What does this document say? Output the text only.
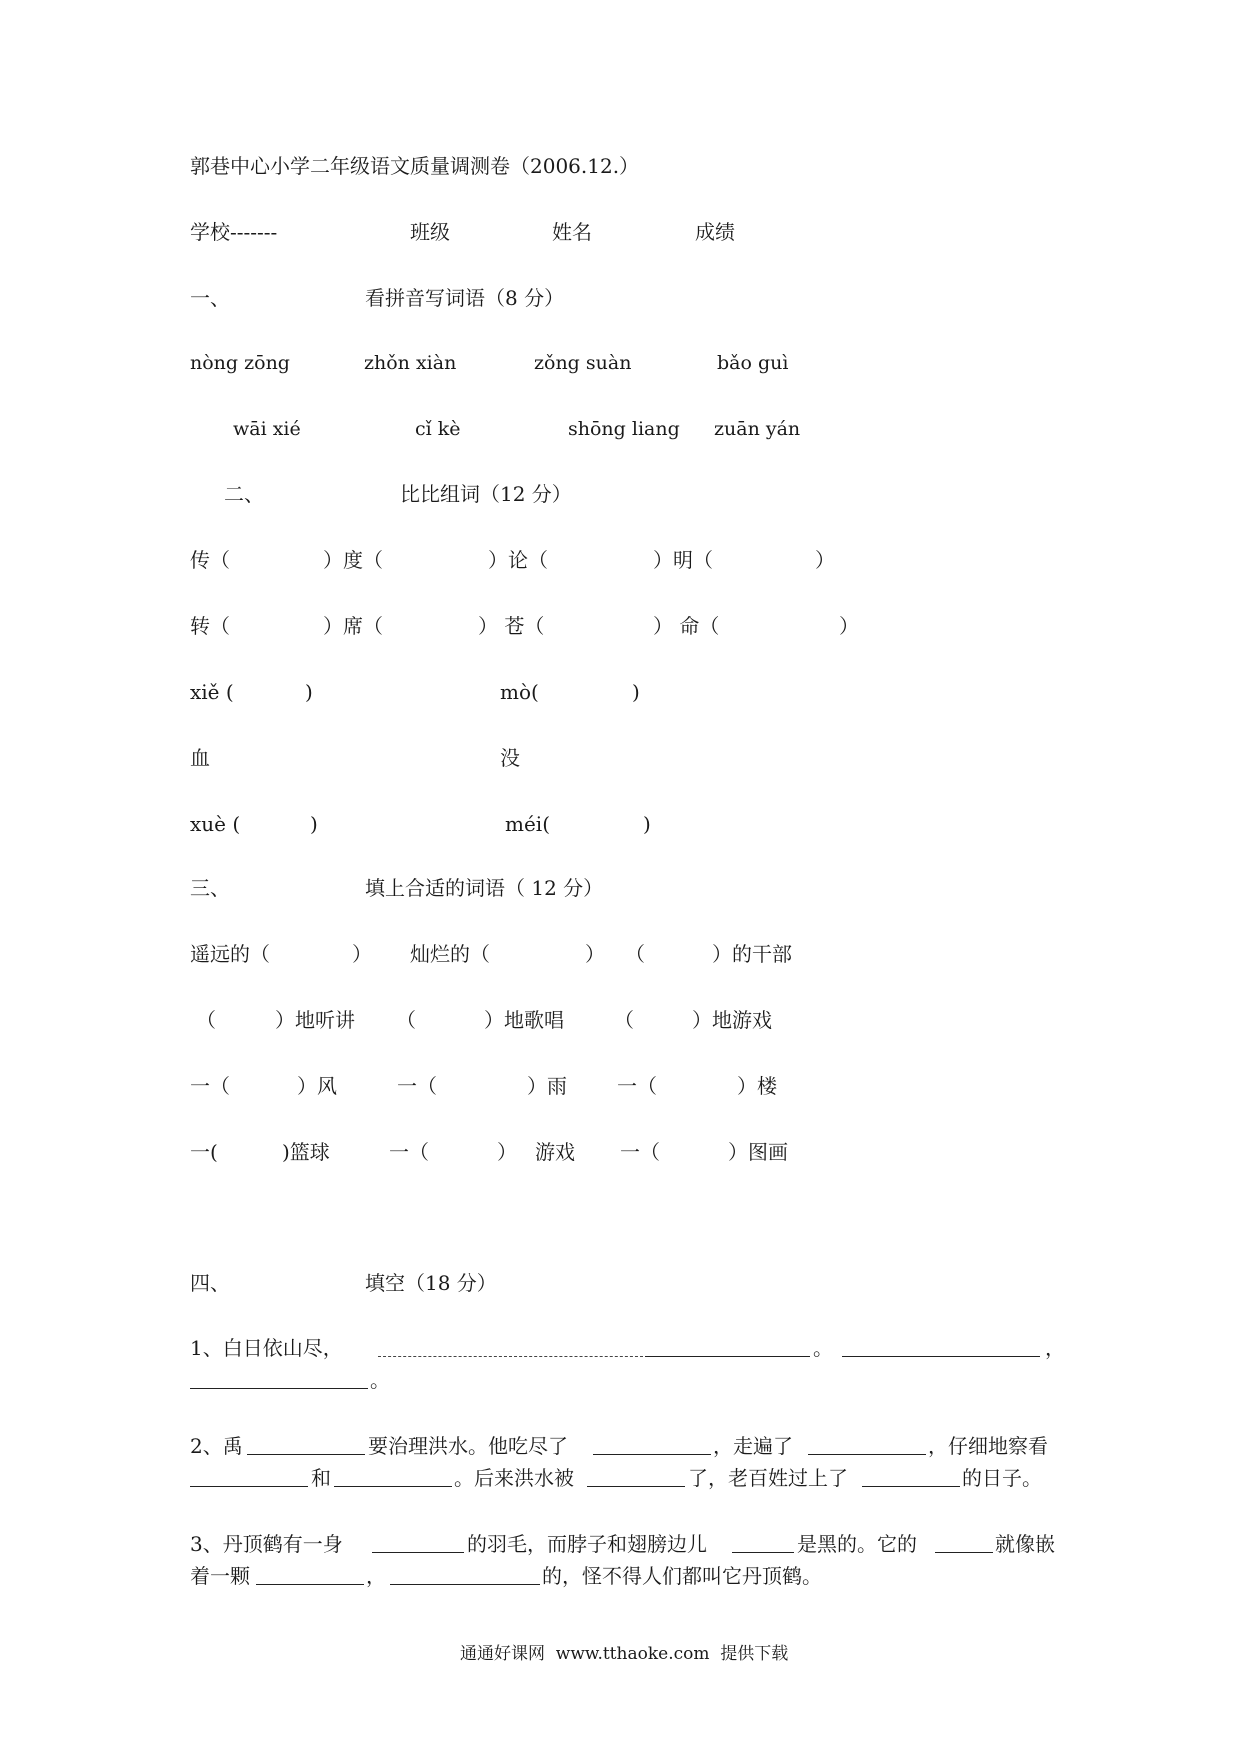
郭巷中心小学二年级语文质量调测卷（2006.12.）
学校-------	班级	姓名	成绩
一、	看拼音写词语（8 分）
nòng zōng	zhǒn xiàn	zǒng suàn	bǎo guì
wāi xié	cǐ kè	shōng liang zuān yán
二、	比比组词（12 分）
传（	）度（	）论（	）明（	）
转（	）席（	） 苍（	） 命（	）
xiě (	)	mò(	)
血	没
xuè (	)	méi(	)
三、	填上合适的词语（ 12 分）
遥远的（	） 灿烂的（	） （	）的干部
（	）地听讲 （	）地歌唱	（	）地游戏
一（	）风	一（	）雨	一（	）楼
一(	)篮球	一（	） 游戏 一（	）图画
四、	填空（18 分）
1、白日依山尽，	。	，
。
2、禹	要治理洪水。他吃尽了	，走遍了	，仔细地察看
和	。后来洪水被	了，老百姓过上了	的日子。
3、丹顶鹤有一身	的羽毛，而脖子和翅膀边儿	是黑的。它的	就像嵌
着一颗	，	的，怪不得人们都叫它丹顶鹤。
通通好课网  www.tthaoke.com  提供下载
